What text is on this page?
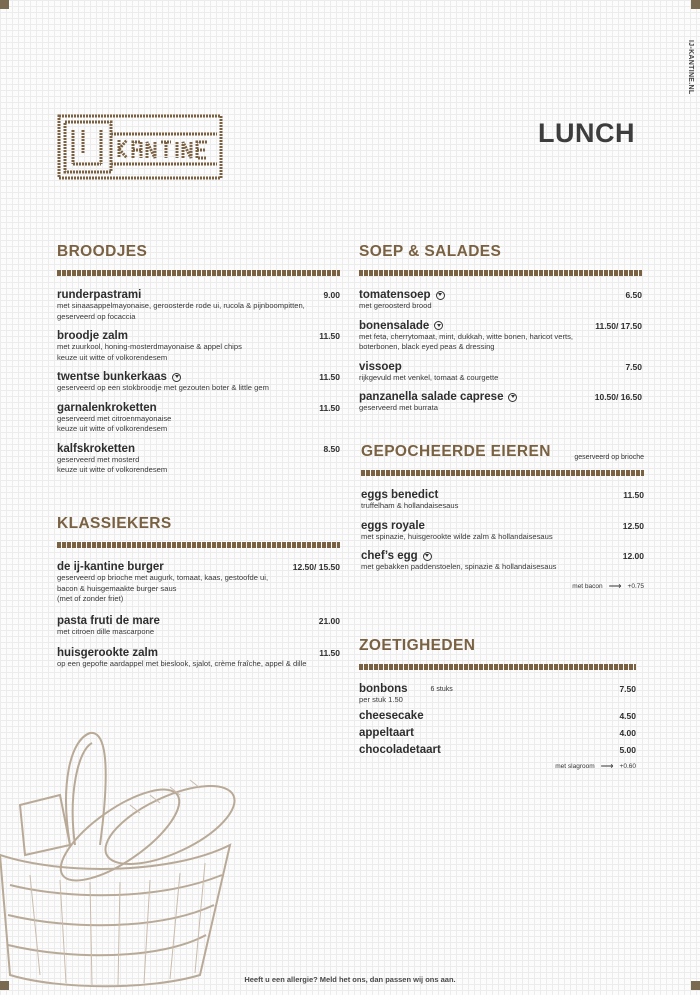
IJ-KANTINE.NL
LUNCH
BROODJES
runderpastrami	9.00
met sinaasappelmayonaise, geroosterde rode ui, rucola & pijnboompitten, geserveerd op focaccia
broodje zalm	11.50
met zuurkool, honing-mosterdmayonaise & appel chips
keuze uit witte of volkorendesem
twentse bunkerkaas	11.50
geserveerd op een stokbroodje met gezouten boter & little gem
garnalenkroketten	11.50
geserveerd met citroenmayonaise
keuze uit witte of volkorendesem
kalfskroketten	8.50
geserveerd met mosterd
keuze uit witte of volkorendesem
KLASSIEKERS
de ij-kantine burger	12.50/ 15.50
geserveerd op brioche met augurk, tomaat, kaas, gestoofde ui, bacon & huisgemaakte burger saus
(met of zonder friet)
pasta fruti de mare	21.00
met citroen dille mascarpone
huisgerookte zalm	11.50
op een gepofte aardappel met bieslook, sjalot, crème fraîche, appel & dille
SOEP & SALADES
tomatensoep	6.50
met geroosterd brood
bonensalade	11.50/ 17.50
met feta, cherrytomaat, mint, dukkah, witte bonen, haricot verts, boterbonen, black eyed peas & dressing
vissoep	7.50
rijkgevuld met venkel, tomaat & courgette
panzanella salade caprese	10.50/ 16.50
geserveerd met burrata
GEPOCHEERDE EIEREN	geserveerd op brioche
eggs benedict	11.50
truffelham & hollandaisesaus
eggs royale	12.50
met spinazie, huisgerookte wilde zalm & hollandaisesaus
chef’s egg	12.00
met gebakken paddenstoelen, spinazie & hollandaisesaus
met bacon ⟶ +0.75
ZOETIGHEDEN
bonbons	6 stuks	7.50
per stuk 1.50
cheesecake	4.50
appeltaart	4.00
chocoladetaart	5.00
met slagroom ⟶ +0.60
Heeft u een allergie? Meld het ons, dan passen wij ons aan.
